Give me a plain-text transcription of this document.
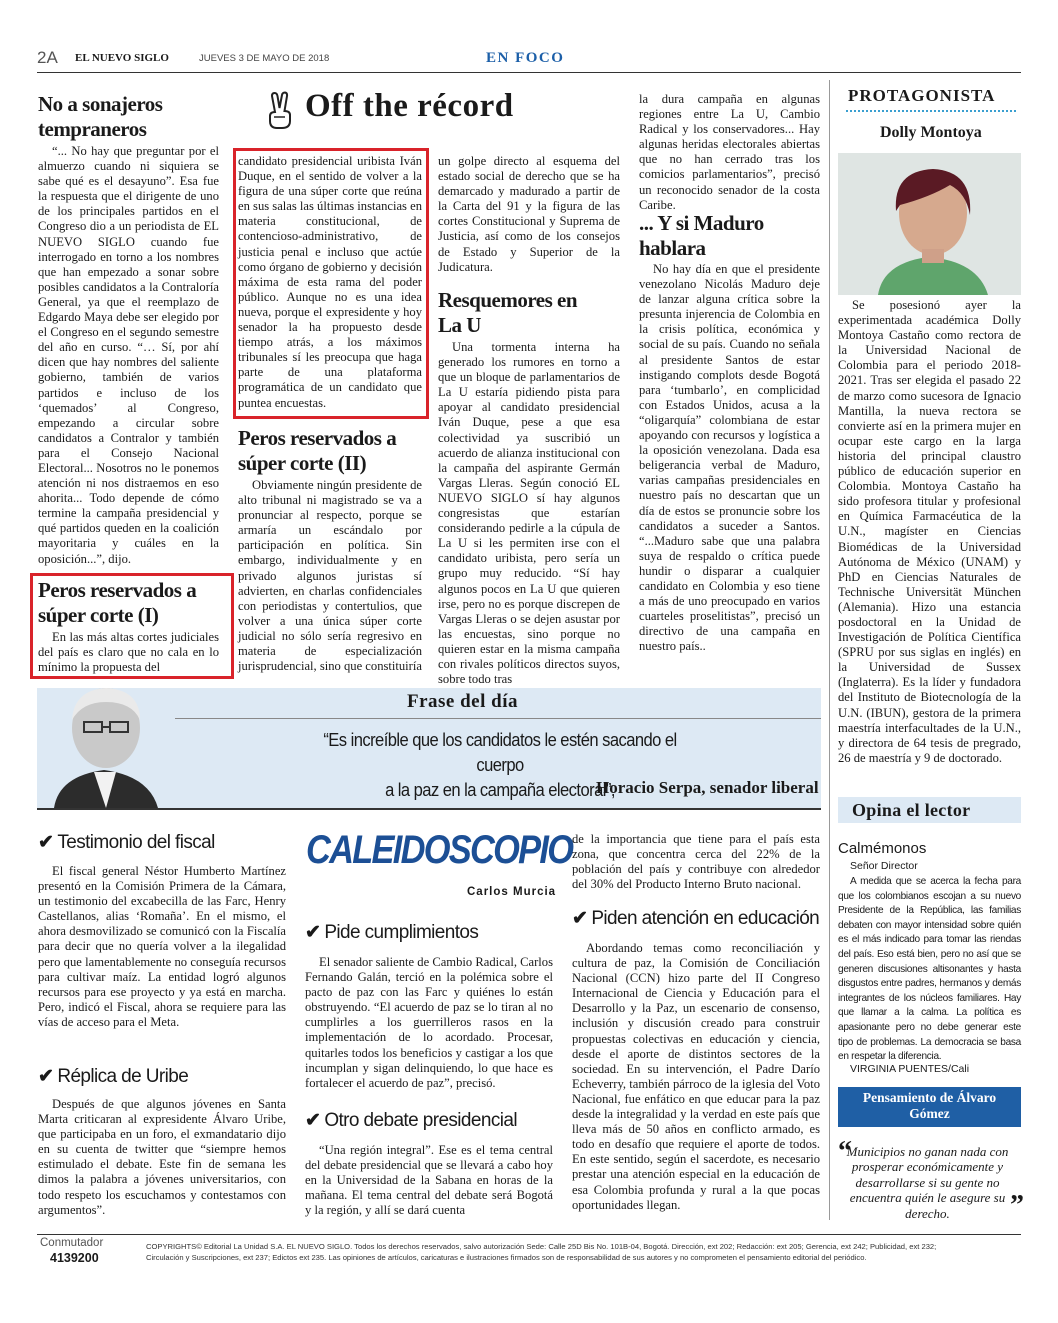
2A EL NUEVO SIGLO	JUEVES 3 DE MAYO DE 2018	EN FOCO
Off the récord
No a sonajeros tempraneros

“... No hay que preguntar por el almuerzo cuando ni siquiera se sabe qué es el desayuno”. Esa fue la respuesta que el dirigente de uno de los principales partidos en el Congreso dio a un periodista de EL NUEVO SIGLO cuando fue interrogado en torno a los nombres que han empezado a sonar sobre posibles candidatos a la Contraloría General, ya que el reemplazo de Edgardo Maya debe ser elegido por el Congreso en el segundo semestre del año en curso. “… Sí, por ahí dicen que hay nombres del saliente gobierno, también de varios partidos e incluso de los ‘quemados’ al Congreso, empezando a circular sobre candidatos a Contralor y también para el Consejo Nacional Electoral... Nosotros no le ponemos atención ni nos distraemos en eso ahorita... Todo depende de cómo termine la campaña presidencial y qué partidos queden en la coalición mayoritaria y cuáles en la oposición...”, dijo.

Peros reservados a súper corte (I)

En las más altas cortes judiciales del país es claro que no cala en lo mínimo la propuesta del

candidato presidencial uribista Iván Duque, en el sentido de volver a la figura de una súper corte que reúna en sus salas las últimas instancias en materia constitucional, de contencioso-administrativo, de justicia penal e incluso que actúe como órgano de gobierno y decisión máxima de esta rama del poder público. Aunque no es una idea nueva, porque el expresidente y hoy senador la ha propuesto desde tiempo atrás, a los máximos tribunales sí les preocupa que haga parte de una plataforma programática de un candidato que puntea encuestas.

Peros reservados a súper corte (II)

Obviamente ningún presidente de alto tribunal ni magistrado se va a pronunciar al respecto, porque se armaría un escándalo por participación en política. Sin embargo, individualmente y en privado algunos juristas sí advierten, en charlas confidenciales con periodistas y contertulios, que volver a una única súper corte judicial no sólo sería regresivo en materia de especialización jurisprudencial, sino que constituiría

un golpe directo al esquema del estado social de derecho que se ha demarcado y madurado a partir de la Carta del 91 y la figura de las cortes Constitucional y Suprema de Justicia, así como de los consejos de Estado y Superior de la Judicatura.

Resquemores en La U

Una tormenta interna ha generado los rumores en torno a que un bloque de parlamentarios de La U estaría pidiendo pista para apoyar al candidato presidencial Iván Duque, pese a que esa colectividad ya suscribió un acuerdo de alianza institucional con la campaña del aspirante Germán Vargas Lleras. Según conoció EL NUEVO SIGLO sí hay algunos congresistas que estarían considerando pedirle a la cúpula de La U si les permiten irse con el candidato uribista, pero sería un grupo muy reducido. “Sí hay algunos pocos en La U que quieren irse, pero no es porque discrepen de Vargas Lleras o se dejen asustar por las encuestas, sino porque no quieren estar en la misma campaña con rivales políticos directos suyos, sobre todo tras

la dura campaña en algunas regiones entre La U, Cambio Radical y los conservadores... Hay algunas heridas electorales abiertas que no han cerrado tras los comicios parlamentarios”, precisó un reconocido senador de la costa Caribe.

... Y si Maduro hablara

No hay día en que el presidente venezolano Nicolás Maduro deje de lanzar alguna crítica sobre la presunta injerencia de Colombia en la crisis política, económica y social de su país. Cuando no señala al presidente Santos de estar instigando complots desde Bogotá para ‘tumbarlo’, en complicidad con Estados Unidos, acusa a la “oligarquía” colombiana de estar apoyando con recursos y logística a la oposición venezolana. Dada esa beligerancia verbal de Maduro, varias campañas presidenciales en nuestro país no descartan que un día de estos se pronuncie sobre los candidatos a suceder a Santos. “...Maduro sabe que una palabra suya de respaldo o crítica puede hundir o disparar a cualquier candidato en Colombia y eso tiene a más de uno preocupado en varios cuarteles proselitistas”, precisó un directivo de una campaña en nuestro país..

PROTAGONISTA
Dolly Montoya

Se posesionó ayer la experimentada académica Dolly Montoya Castaño como rectora de la Universidad Nacional de Colombia para el periodo 2018-2021. Tras ser elegida el pasado 22 de marzo como sucesora de Ignacio Mantilla, la nueva rectora se convierte así en la primera mujer en ocupar este cargo en la larga historia del principal claustro público de educación superior en Colombia. Montoya Castaño ha sido profesora titular y profesional en Química Farmacéutica de la U.N., magíster en Ciencias Biomédicas de la Universidad Autónoma de México (UNAM) y PhD en Ciencias Naturales de Technische Universität München (Alemania). Hizo una estancia posdoctoral en la Unidad de Investigación de Política Científica (SPRU por sus siglas en inglés) en la Universidad de Sussex (Inglaterra). Es la líder y fundadora del Instituto de Biotecnología de la U.N. (IBUN), gestora de la primera maestría interfacultades de la U.N., y directora de 64 tesis de pregrado, 26 de maestría y 9 de doctorado.

Frase del día
“Es increíble que los candidatos le estén sacando el cuerpo
a la paz en la campaña electoral”,
Horacio Serpa, senador liberal
Opina el lector
Calmémonos
Señor Director
A medida que se acerca la fecha para que los colombianos escojan a su nuevo Presidente de la República, las familias debaten con mayor intensidad sobre quién es el más indicado para tomar las riendas del país. Eso está bien, pero no así que se generen discusiones altisonantes y hasta disgustos entre padres, hermanos y demás integrantes de los núcleos familiares. Hay que llamar a la calma. La política es apasionante pero no debe generar este tipo de problemas. La democracia se basa en respetar la diferencia.
VIRGINIA PUENTES/Cali
Pensamiento de Álvaro Gómez
“
Municipios no ganan nada con prosperar económicamente y desarrollarse si su gente no encuentra quién le asegure su derecho.	”
CALEIDOSCOPIO
Carlos Murcia
✔ Testimonio del fiscal

El fiscal general Néstor Humberto Martínez presentó en la Comisión Primera de la Cámara, un testimonio del excabecilla de las Farc, Henry Castellanos, alias ‘Romaña’. En el mismo, el ahora desmovilizado se comunicó con la Fiscalía para decir que no quería volver a la ilegalidad pero que lamentablemente no conseguía recursos para cultivar maíz. La entidad logró algunos recursos para ese proyecto y ya está en marcha. Pero, indicó el Fiscal, ahora se requiere para las vías de acceso para el Meta.

✔ Réplica de Uribe

Después de que algunos jóvenes en Santa Marta criticaran al expresidente Álvaro Uribe, que participaba en un foro, el exmandatario dijo en su cuenta de twitter que “siempre hemos estimulado el debate. Este fin de semana les dimos la palabra a jóvenes universitarios, con todo respeto los escuchamos y contestamos con argumentos”.

✔ Pide cumplimientos

El senador saliente de Cambio Radical, Carlos Fernando Galán, terció en la polémica sobre el pacto de paz con las Farc y quiénes lo están obstruyendo. “El acuerdo de paz se lo tiran al no cumplirles a los guerrilleros rasos en la implementación de lo acordado. Procesar, quitarles todos los beneficios y castigar a los que incumplan y sigan delinquiendo, lo que hace es fortalecer el acuerdo de paz”, precisó.

✔ Otro debate presidencial

“Una región integral”. Ese es el tema central del debate presidencial que se llevará a cabo hoy en la Universidad de la Sabana en horas de la mañana. El tema central del debate será Bogotá y la región, y allí se dará cuenta

de la importancia que tiene para el país esta zona, que concentra cerca del 22% de la población del país y contribuye con alrededor del 30% del Producto Interno Bruto nacional.

✔ Piden atención en educación

Abordando temas como reconciliación y cultura de paz, la Comisión de Conciliación Nacional (CCN) hizo parte del II Congreso Internacional de Ciencia y Educación para el Desarrollo y la Paz, un escenario de consenso, inclusión y discusión creado para construir propuestas colectivas en educación y ciencia, desde el aporte de distintos sectores de la sociedad. En su intervención, el Padre Darío Echeverry, también párroco de la iglesia del Voto Nacional, fue enfático en que educar para la paz desde la integralidad y la verdad en este país que lleva más de 50 años en conflicto armado, es todo en desafío que requiere el aporte de todos. En este sentido, según el sacerdote, es necesario prestar una atención especial en la educación de esa Colombia profunda y rural a la que pocas oportunidades llegan.

Conmutador
4139200
COPYRIGHTS© Editorial La Unidad S.A. EL NUEVO SIGLO. Todos los derechos reservados, salvo autorización Sede: Calle 25D Bis No. 101B-04, Bogotá. Dirección, ext 202; Redacción: ext 205; Gerencia, ext 242; Publicidad, ext 232;
Circulación y Suscripciones, ext 237; Edictos ext 235. Las opiniones de artículos, caricaturas e ilustraciones firmados son de responsabilidad de sus autores y no comprometen el pensamiento editorial del periódico.
